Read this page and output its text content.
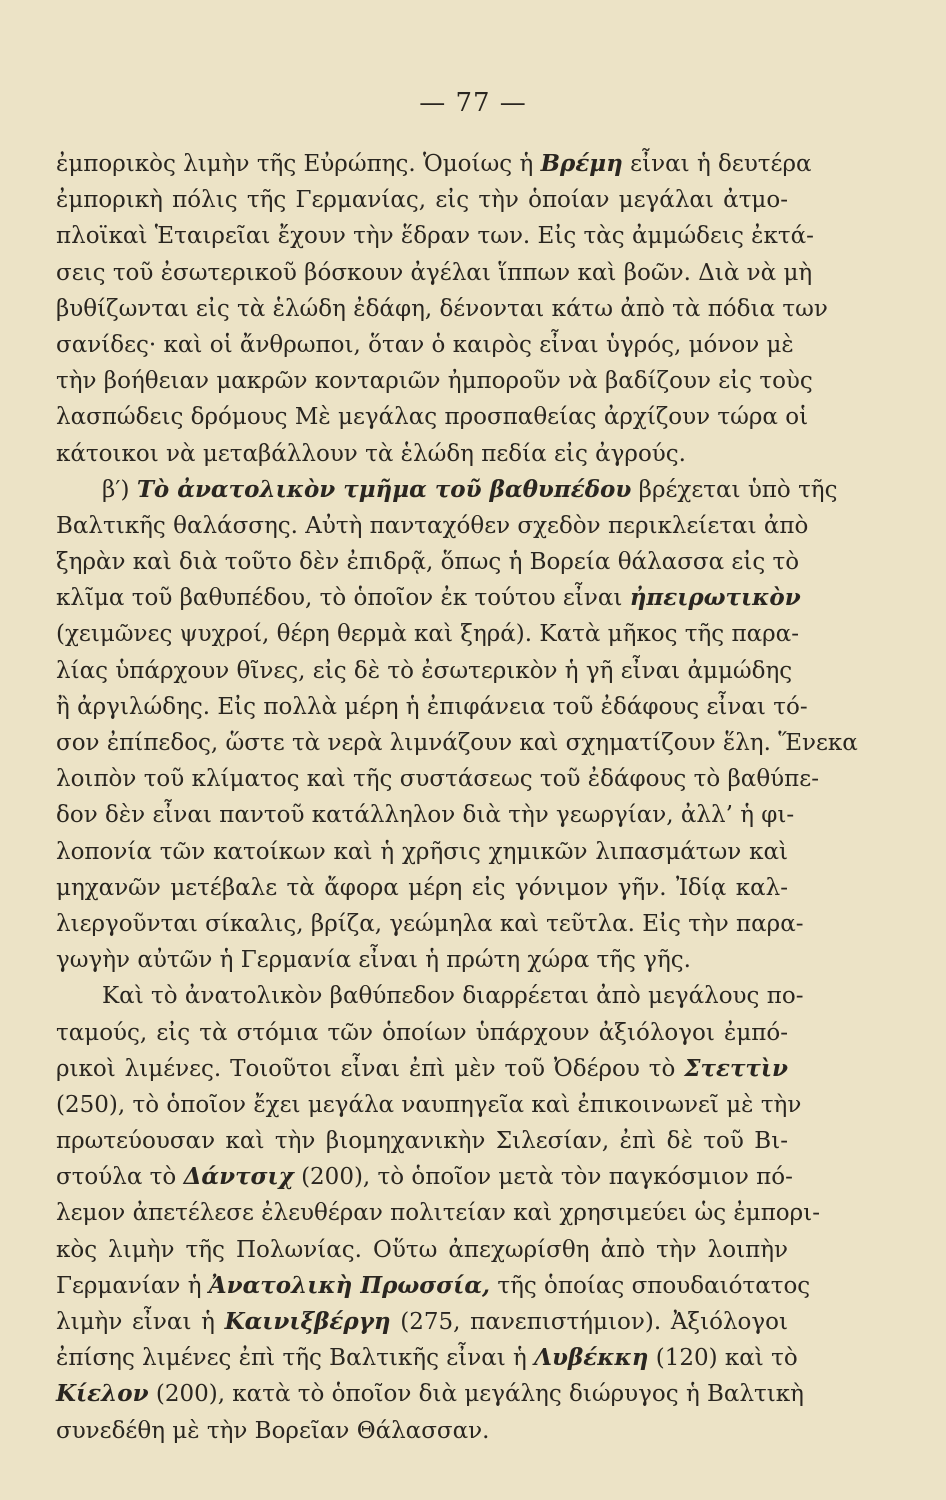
— 77 —
ἐμπορικὸς λιμὴν τῆς Εὐρώπης. Ὁμοίως ἡ Βρέμη εἶναι ἡ δευτέρα
ἐμπορικὴ πόλις τῆς Γερμανίας, εἰς τὴν ὁποίαν μεγάλαι ἀτμο-
πλοϊκαὶ Ἑταιρεῖαι ἔχουν τὴν ἕδραν των. Εἰς τὰς ἀμμώδεις ἐκτά-
σεις τοῦ ἐσωτερικοῦ βόσκουν ἀγέλαι ἵππων καὶ βοῶν. Διὰ νὰ μὴ
βυθίζωνται εἰς τὰ ἑλώδη ἐδάφη, δένονται κάτω ἀπὸ τὰ πόδια των
σανίδες· καὶ οἱ ἄνθρωποι, ὅταν ὁ καιρὸς εἶναι ὑγρός, μόνον μὲ
τὴν βοήθειαν μακρῶν κονταριῶν ἠμποροῦν νὰ βαδίζουν εἰς τοὺς
λασπώδεις δρόμους Μὲ μεγάλας προσπαθείας ἀρχίζουν τώρα οἱ
κάτοικοι νὰ μεταβάλλουν τὰ ἑλώδη πεδία εἰς ἀγρούς.
β′) Τὸ ἀνατολικὸν τμῆμα τοῦ βαθυπέδου βρέχεται ὑπὸ τῆς
Βαλτικῆς θαλάσσης. Αὐτὴ πανταχόθεν σχεδὸν περικλείεται ἀπὸ
ξηρὰν καὶ διὰ τοῦτο δὲν ἐπιδρᾷ, ὅπως ἡ Βορεία θάλασσα εἰς τὸ
κλῖμα τοῦ βαθυπέδου, τὸ ὁποῖον ἐκ τούτου εἶναι ἠπειρωτικὸν
(χειμῶνες ψυχροί, θέρη θερμὰ καὶ ξηρά). Κατὰ μῆκος τῆς παρα-
λίας ὑπάρχουν θῖνες, εἰς δὲ τὸ ἐσωτερικὸν ἡ γῆ εἶναι ἀμμώδης
ἢ ἀργιλώδης. Εἰς πολλὰ μέρη ἡ ἐπιφάνεια τοῦ ἐδάφους εἶναι τό-
σον ἐπίπεδος, ὥστε τὰ νερὰ λιμνάζουν καὶ σχηματίζουν ἕλη. Ἕνεκα
λοιπὸν τοῦ κλίματος καὶ τῆς συστάσεως τοῦ ἐδάφους τὸ βαθύπε-
δον δὲν εἶναι παντοῦ κατάλληλον διὰ τὴν γεωργίαν, ἀλλ’ ἡ φι-
λοπονία τῶν κατοίκων καὶ ἡ χρῆσις χημικῶν λιπασμάτων καὶ
μηχανῶν μετέβαλε τὰ ἄφορα μέρη εἰς γόνιμον γῆν. Ἰδίᾳ καλ-
λιεργοῦνται σίκαλις, βρίζα, γεώμηλα καὶ τεῦτλα. Εἰς τὴν παρα-
γωγὴν αὐτῶν ἡ Γερμανία εἶναι ἡ πρώτη χώρα τῆς γῆς.
Καὶ τὸ ἀνατολικὸν βαθύπεδον διαρρέεται ἀπὸ μεγάλους πο-
ταμούς, εἰς τὰ στόμια τῶν ὁποίων ὑπάρχουν ἀξιόλογοι ἐμπό-
ρικοὶ λιμένες. Τοιοῦτοι εἶναι ἐπὶ μὲν τοῦ Ὀδέρου τὸ Στεττὶν
(250), τὸ ὁποῖον ἔχει μεγάλα ναυπηγεῖα καὶ ἐπικοινωνεῖ μὲ τὴν
πρωτεύουσαν καὶ τὴν βιομηχανικὴν Σιλεσίαν, ἐπὶ δὲ τοῦ Βι-
στούλα τὸ Δάντσιχ (200), τὸ ὁποῖον μετὰ τὸν παγκόσμιον πό-
λεμον ἀπετέλεσε ἐλευθέραν πολιτείαν καὶ χρησιμεύει ὡς ἐμπορι-
κὸς λιμὴν τῆς Πολωνίας. Οὕτω ἀπεχωρίσθη ἀπὸ τὴν λοιπὴν
Γερμανίαν ἡ Ἀνατολικὴ Πρωσσία, τῆς ὁποίας σπουδαιότατος
λιμὴν εἶναι ἡ Καινιξβέργη (275, πανεπιστήμιον). Ἀξιόλογοι
ἐπίσης λιμένες ἐπὶ τῆς Βαλτικῆς εἶναι ἡ Λυβέκκη (120) καὶ τὸ
Κίελον (200), κατὰ τὸ ὁποῖον διὰ μεγάλης διώρυγος ἡ Βαλτικὴ
συνεδέθη μὲ τὴν Βορεῖαν Θάλασσαν.
